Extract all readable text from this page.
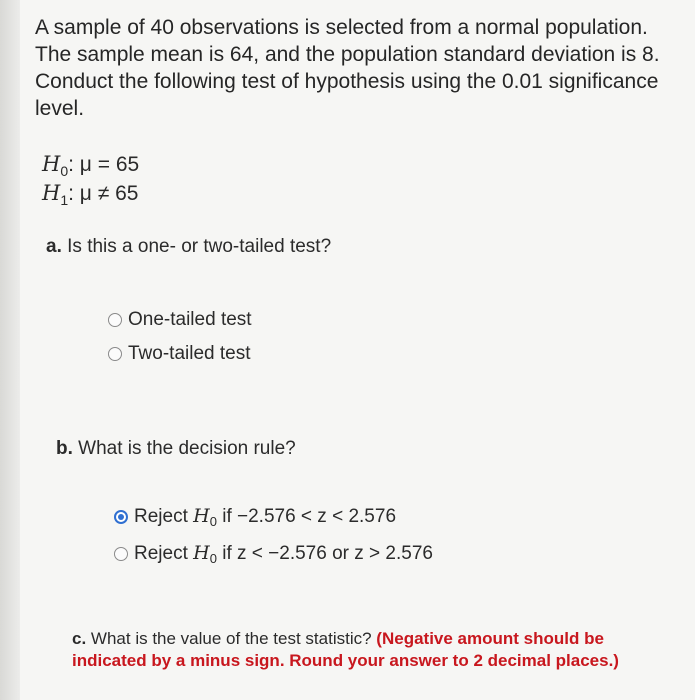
A sample of 40 observations is selected from a normal population. The sample mean is 64, and the population standard deviation is 8. Conduct the following test of hypothesis using the 0.01 significance level.
$H_0$: μ = 65
$H_1$: μ ≠ 65
a. Is this a one- or two-tailed test?
One-tailed test
Two-tailed test
b. What is the decision rule?
Reject $H_0$ if −2.576 < z < 2.576
Reject $H_0$ if z < −2.576 or z > 2.576
c. What is the value of the test statistic? (Negative amount should be indicated by a minus sign. Round your answer to 2 decimal places.)
